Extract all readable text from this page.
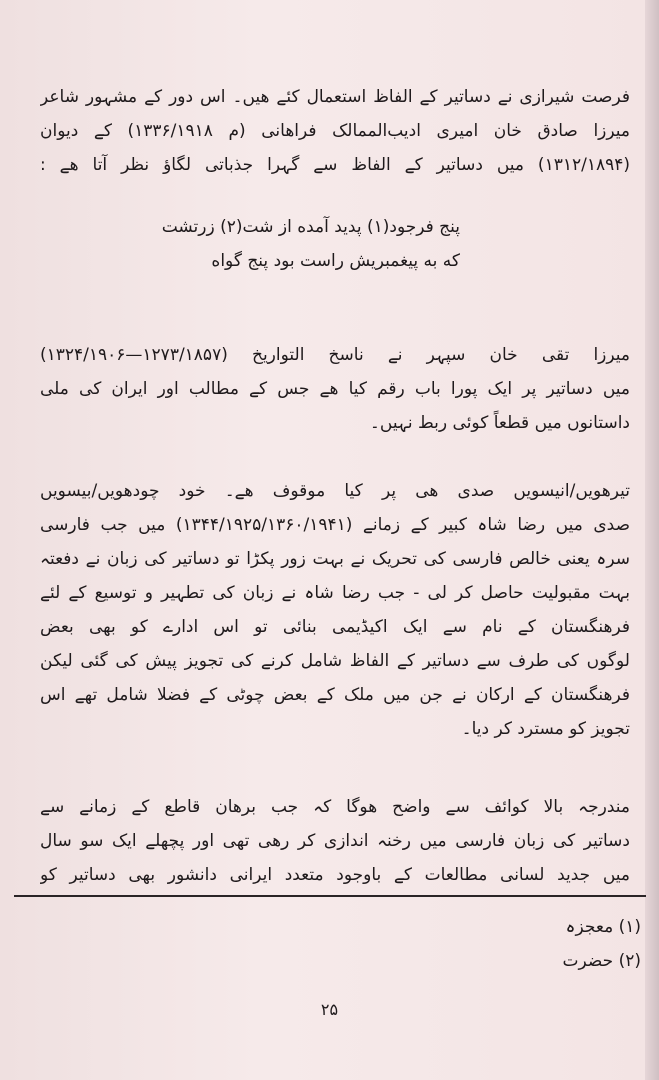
فرصت شیرازی نے دساتیر کے الفاظ استعمال کئے ھیں۔ اس دور کے مشہور شاعر
میرزا صادق خان امیری ادیب‌الممالک فراھانی (م ۱۳۳۶/۱۹۱۸) کے دیوان
(۱۳۱۲/۱۸۹۴) میں دساتیر کے الفاظ سے گہرا جذباتی لگاؤ نظر آتا ھے :
پنج فرجود(۱) پدید آمده از شت(۲) زرتشت
که به پیغمبریش راست بود پنج گواه
میرزا تقی خان سپہر نے ناسخ التواریخ (۱۲۷۳/۱۸۵۷—۱۳۲۴/۱۹۰۶)
میں دساتیر پر ایک پورا باب رقم کیا ھے جس کے مطالب اور ایران کی ملی
داستانوں میں قطعاً کوئی ربط نہیں۔
تیرھویں/انیسویں صدی ھی پر کیا موقوف ھے۔ خود چودھویں/بیسویں
صدی میں رضا شاہ کبیر کے زمانے (۱۳۴۴/۱۹۲۵/۱۳۶۰/۱۹۴۱) میں جب فارسی
سرہ یعنی خالص فارسی کی تحریک نے بہت زور پکڑا تو دساتیر کی زبان نے دفعتہ
بہت مقبولیت حاصل کر لی - جب رضا شاہ نے زبان کی تطہیر و توسیع کے لئے
فرھنگستان کے نام سے ایک اکیڈیمی بنائی تو اس ادارے کو بھی بعض
لوگوں کی طرف سے دساتیر کے الفاظ شامل کرنے کی تجویز پیش کی گئی لیکن
فرھنگستان کے ارکان نے جن میں ملک کے بعض چوٹی کے فضلا شامل تھے اس
تجویز کو مسترد کر دیا۔
مندرجہ بالا کوائف سے واضح ھوگا کہ جب برھان قاطع کے زمانے سے
دساتیر کی زبان فارسی میں رخنہ اندازی کر رھی تھی اور پچھلے ایک سو سال
میں جدید لسانی مطالعات کے باوجود متعدد ایرانی دانشور بھی دساتیر کو
(۱) معجزہ
(۲) حضرت
۲۵
